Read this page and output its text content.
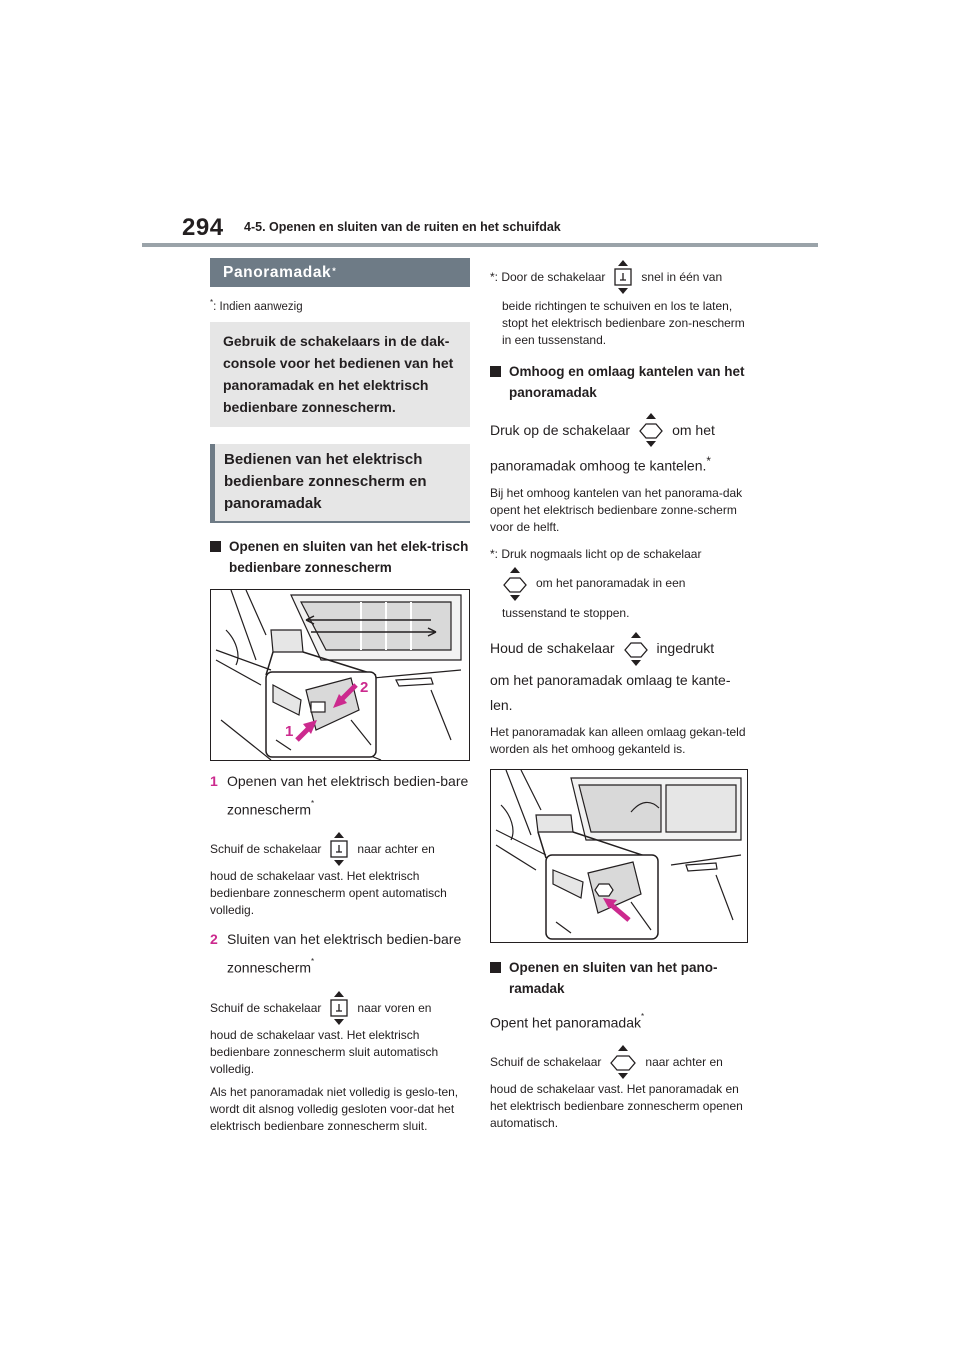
294 4-5. Openen en sluiten van de ruiten en het schuifdak
Panoramadak*
*: Indien aanwezig
Gebruik de schakelaars in de dak-console voor het bedienen van het panoramadak en het elektrisch bedienbare zonnescherm.
Bedienen van het elektrisch bedienbare zonnescherm en panoramadak
Openen en sluiten van het elek-trisch bedienbare zonnescherm
2
1
1 Openen van het elektrisch bedien-bare zonnescherm*
Schuif de schakelaar	naar achter en
houd de schakelaar vast. Het elektrisch bedienbare zonnescherm opent automatisch volledig.
2 Sluiten van het elektrisch bedien-bare zonnescherm*
Schuif de schakelaar	naar voren en
houd de schakelaar vast. Het elektrisch bedienbare zonnescherm sluit automatisch volledig.
Als het panoramadak niet volledig is geslo-ten, wordt dit alsnog volledig gesloten voor-dat het elektrisch bedienbare zonnescherm sluit.
*: Door de schakelaar	snel in één van
beide richtingen te schuiven en los te laten, stopt het elektrisch bedienbare zon-nescherm in een tussenstand.
Omhoog en omlaag kantelen van het panoramadak
Druk op de schakelaar	om het
panoramadak omhoog te kantelen.*
Bij het omhoog kantelen van het panorama-dak opent het elektrisch bedienbare zonne-scherm voor de helft.
*: Druk nogmaals licht op de schakelaar
om het panoramadak in een
tussenstand te stoppen.
Houd de schakelaar	ingedrukt
om het panoramadak omlaag te kante-len.
Het panoramadak kan alleen omlaag gekan-teld worden als het omhoog gekanteld is.
Openen en sluiten van het pano-ramadak
Opent het panoramadak*
Schuif de schakelaar	naar achter en
houd de schakelaar vast. Het panoramadak en het elektrisch bedienbare zonnescherm openen automatisch.
